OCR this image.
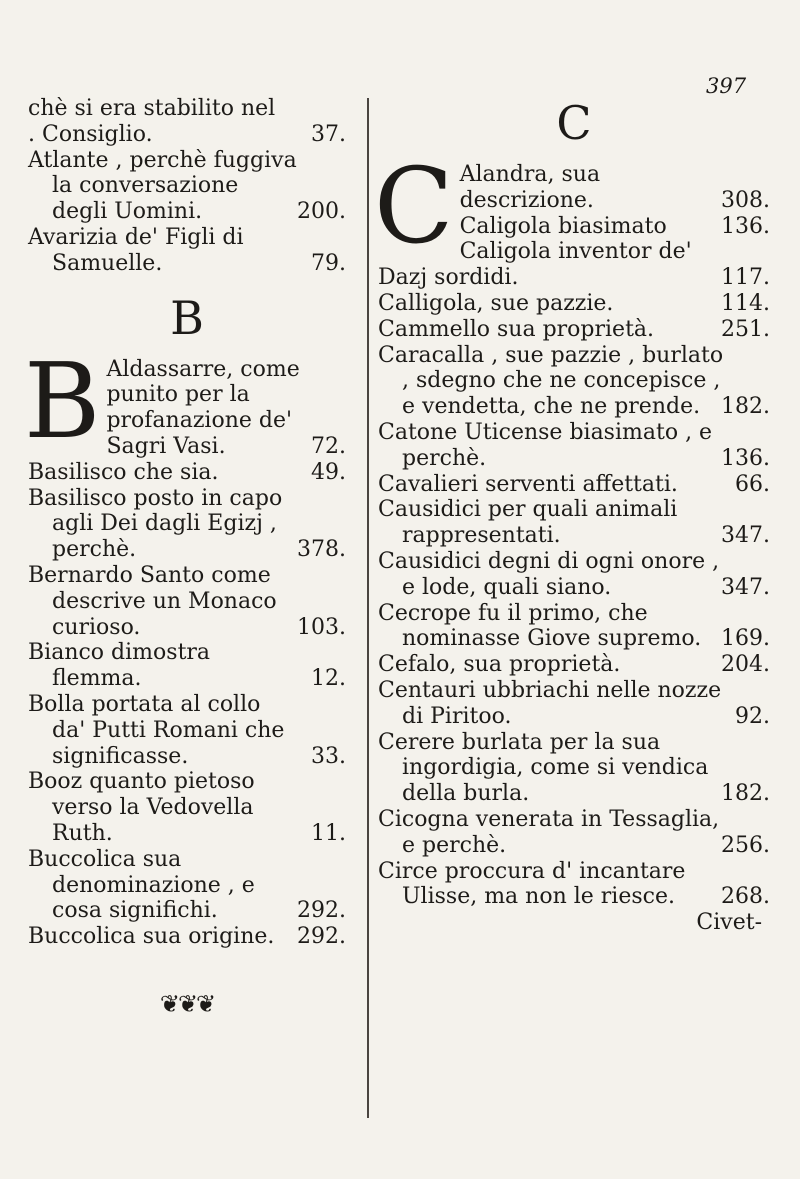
397
chè si era stabilito nel
. Consiglio.	37.
Atlante , perchè fuggiva la conversazione degli Uomini.	200.
Avarizia de' Figli di Samuelle.	79.
B
B Aldassarre, come punito per la profanazione de' Sagri Vasi.	72.
Basilisco che sia.	49.
Basilisco posto in capo agli Dei dagli Egizj , perchè.	378.
Bernardo Santo come descrive un Monaco curioso.	103.
Bianco dimostra flemma.	12.
Bolla portata al collo da' Putti Romani che significasse.	33.
Booz quanto pietoso verso la Vedovella Ruth.	11.
Buccolica sua denominazione , e cosa significhi.	292.
Buccolica sua origine.	292.
❦❦❦
C
C Alandra, sua descrizione.	308.
Caligola biasimato	136.
Caligola inventor de' Dazj sordidi.	117.
Calligola, sue pazzie.	114.
Cammello sua proprietà.	251.
Caracalla , sue pazzie , burlato , sdegno che ne concepisce , e vendetta, che ne prende. 182.
Catone Uticense biasimato , e perchè.	136.
Cavalieri serventi affettati.	66.
Causidici per quali animali rappresentati.	347.
Causidici degni di ogni onore , e lode, quali siano.	347.
Cecrope fu il primo, che nominasse Giove supremo. 169.
Cefalo, sua proprietà.	204.
Centauri ubbriachi nelle nozze di Piritoo.	92.
Cerere burlata per la sua ingordigia, come si vendica della burla.	182.
Cicogna venerata in Tessaglia, e perchè.	256.
Circe proccura d' incantare Ulisse, ma non le riesce.	268.
Civet-
